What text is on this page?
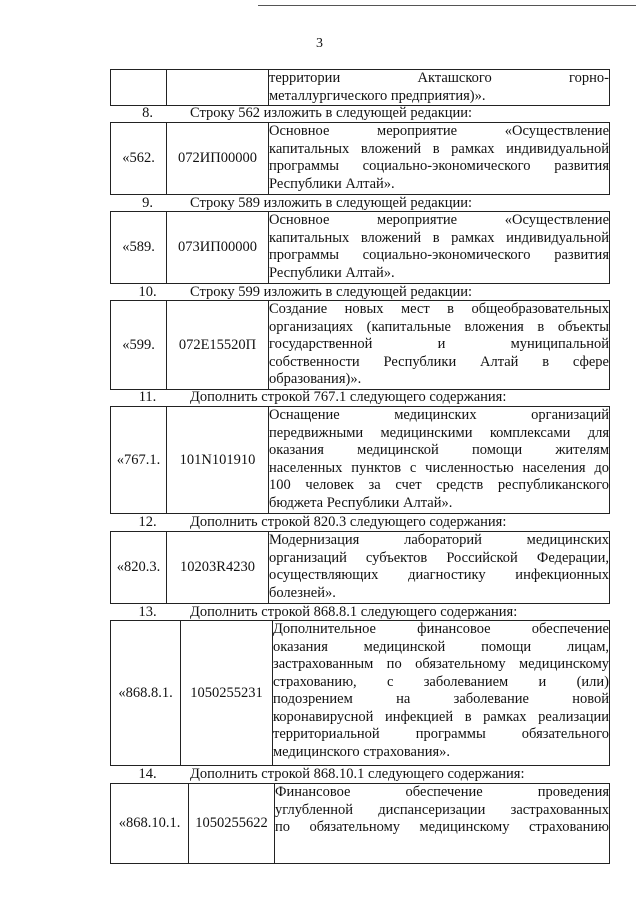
3

территории Акташского горно-
металлургического предприятия)».
8.	Строку 562 изложить в следующей редакции:
«562.	072ИП00000	
Основное мероприятие «Осуществление
капитальных вложений в рамках индивидуальной
программы социально-экономического развития
Республики Алтай».
9.	Строку 589 изложить в следующей редакции:
«589.	073ИП00000	
Основное мероприятие «Осуществление
капитальных вложений в рамках индивидуальной
программы социально-экономического развития
Республики Алтай».
10.	Строку 599 изложить в следующей редакции:
«599.	072Е15520П	
Создание новых мест в общеобразовательных
организациях (капитальные вложения в объекты
государственной и муниципальной
собственности Республики Алтай в сфере
образования)».
11.	Дополнить строкой 767.1 следующего содержания:
«767.1.	101N101910	
Оснащение медицинских организаций
передвижными медицинскими комплексами для
оказания медицинской помощи жителям
населенных пунктов с численностью населения до
100 человек за счет средств республиканского
бюджета Республики Алтай».
12.	Дополнить строкой 820.3 следующего содержания:
«820.3.	10203R4230	
Модернизация лабораторий медицинских
организаций субъектов Российской Федерации,
осуществляющих диагностику инфекционных
болезней».
13.	Дополнить строкой 868.8.1 следующего содержания:
«868.8.1.	1050255231	
Дополнительное финансовое обеспечение
оказания медицинской помощи лицам,
застрахованным по обязательному медицинскому
страхованию, с заболеванием и (или)
подозрением на заболевание новой
коронавирусной инфекцией в рамках реализации
территориальной программы обязательного
медицинского страхования».
14.	Дополнить строкой 868.10.1 следующего содержания:
«868.10.1.	1050255622	
Финансовое обеспечение проведения
углубленной диспансеризации застрахованных
по обязательному медицинскому страхованию
